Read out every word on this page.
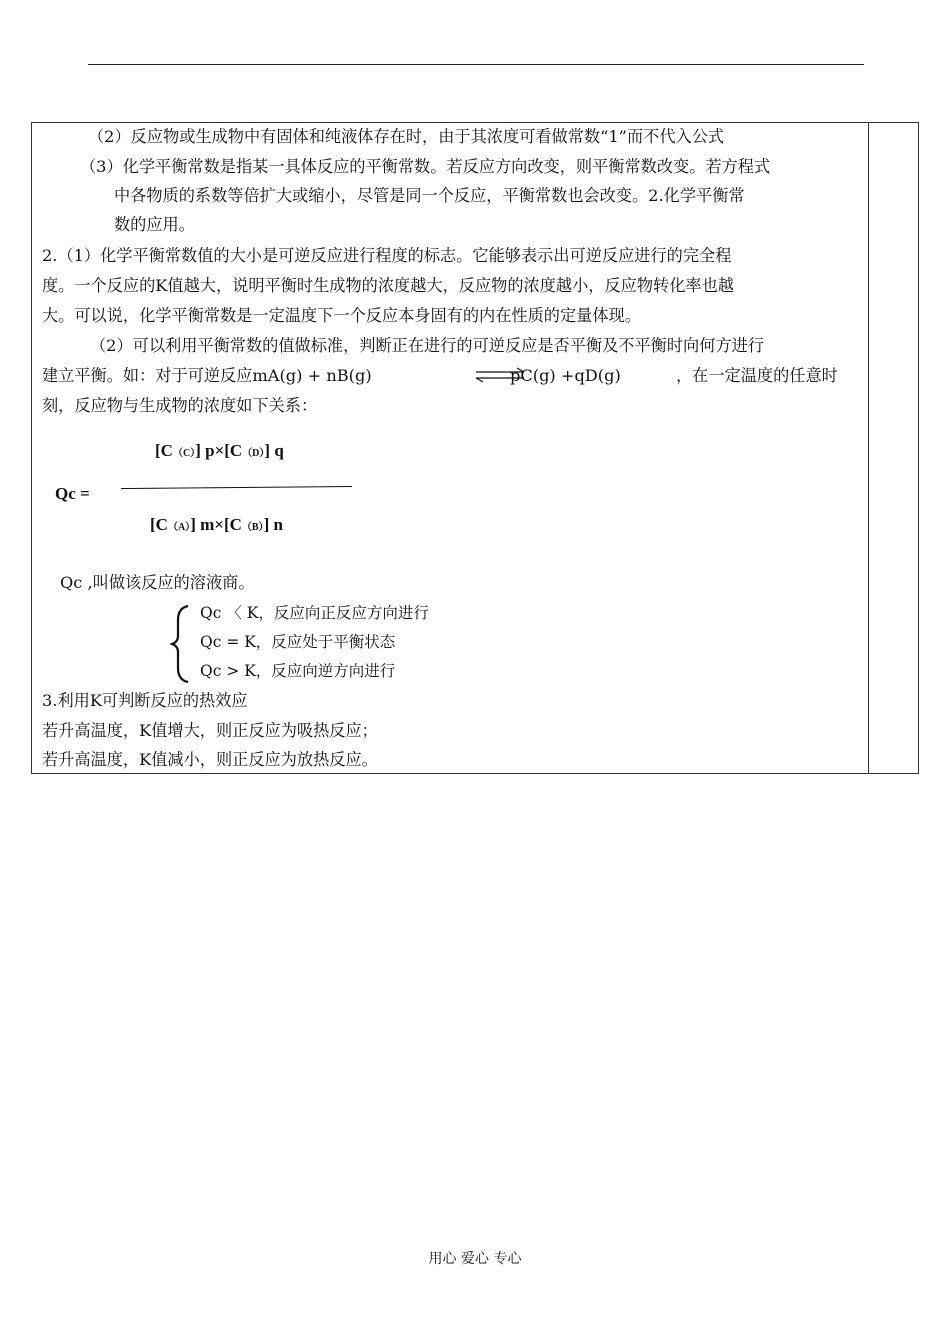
（2）反应物或生成物中有固体和纯液体存在时，由于其浓度可看做常数“1”而不代入公式
（3）化学平衡常数是指某一具体反应的平衡常数。若反应方向改变，则平衡常数改变。若方程式
中各物质的系数等倍扩大或缩小，尽管是同一个反应，平衡常数也会改变。2.化学平衡常
数的应用。
2.（1）化学平衡常数值的大小是可逆反应进行程度的标志。它能够表示出可逆反应进行的完全程
度。一个反应的K值越大，说明平衡时生成物的浓度越大，反应物的浓度越小，反应物转化率也越
大。可以说，化学平衡常数是一定温度下一个反应本身固有的内在性质的定量体现。
（2）可以利用平衡常数的值做标准，判断正在进行的可逆反应是否平衡及不平衡时向何方进行
建立平衡。如：对于可逆反应mA(g) + nB(g)	pC(g) +qD(g)	，在一定温度的任意时
刻，反应物与生成物的浓度如下关系：
[C（C）] p×[C（D）] q
Qc =
[C（A）] m×[C（B）] n
Qc ,叫做该反应的溶液商。
Qc 〈 K，反应向正反应方向进行
Qc = K，反应处于平衡状态
Qc > K，反应向逆方向进行
3.利用K可判断反应的热效应
若升高温度，K值增大，则正反应为吸热反应；
若升高温度，K值减小，则正反应为放热反应。
用心 爱心 专心
